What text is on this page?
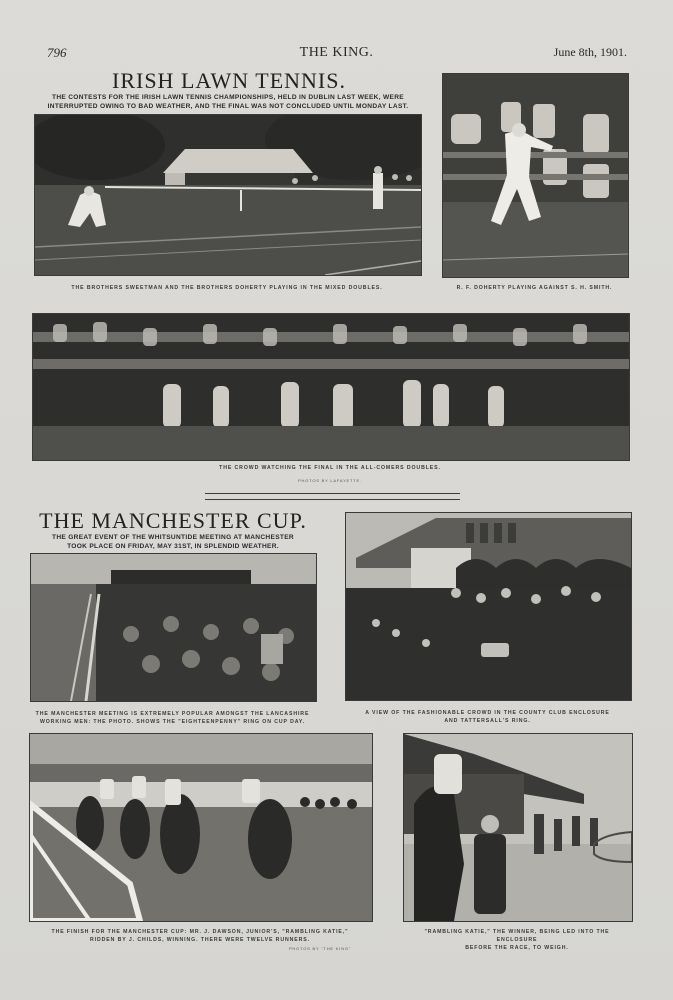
796	THE KING.	June 8th, 1901.
IRISH LAWN TENNIS.
THE CONTESTS FOR THE IRISH LAWN TENNIS CHAMPIONSHIPS, HELD IN DUBLIN LAST WEEK, WERE
INTERRUPTED OWING TO BAD WEATHER, AND THE FINAL WAS NOT CONCLUDED UNTIL MONDAY LAST.
THE BROTHERS SWEETMAN AND THE BROTHERS DOHERTY PLAYING IN THE MIXED DOUBLES.	R. F. DOHERTY PLAYING AGAINST S. H. SMITH.
THE CROWD WATCHING THE FINAL IN THE ALL-COMERS DOUBLES.
PHOTOS BY LAFAYETTE.
THE MANCHESTER CUP.
THE GREAT EVENT OF THE WHITSUNTIDE MEETING AT MANCHESTER
TOOK PLACE ON FRIDAY, MAY 31ST, IN SPLENDID WEATHER.
THE MANCHESTER MEETING IS EXTREMELY POPULAR AMONGST THE LANCASHIRE
WORKING MEN: THE PHOTO. SHOWS THE "EIGHTEENPENNY" RING ON CUP DAY.
A VIEW OF THE FASHIONABLE CROWD IN THE COUNTY CLUB ENCLOSURE
AND TATTERSALL'S RING.
THE FINISH FOR THE MANCHESTER CUP: MR. J. DAWSON, JUNIOR'S, "RAMBLING KATIE,"
RIDDEN BY J. CHILDS, WINNING. THERE WERE TWELVE RUNNERS.
PHOTOS BY "THE KING"
"RAMBLING KATIE," THE WINNER, BEING LED INTO THE ENCLOSURE
BEFORE THE RACE, TO WEIGH.
